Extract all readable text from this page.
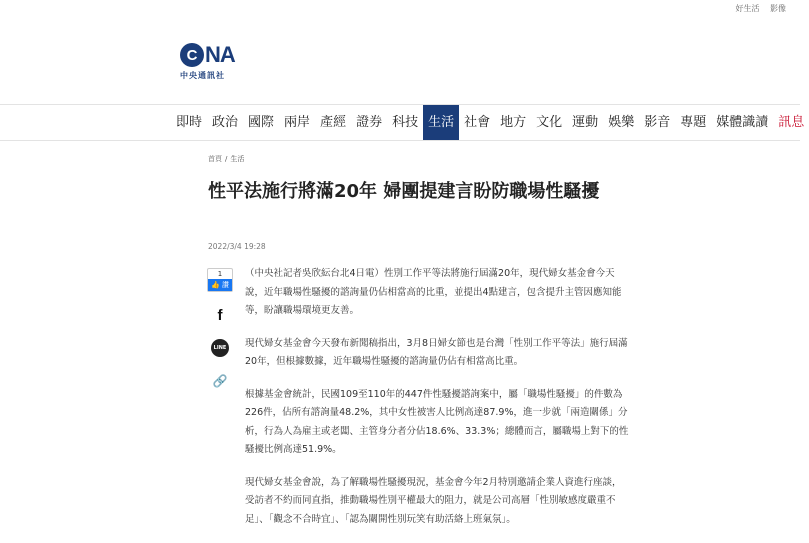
好生活 影像
C NA
中央通訊社
即時 政治 國際 兩岸 產經 證券 科技 生活 社會 地方 文化 運動 娛樂 影音 專題 媒體識讀 訊息
首頁 / 生活
性平法施行將滿20年 婦團提建言盼防職場性騷擾
2022/3/4 19:28
1
👍 讚
f
LINE
🔗

（中央社記者吳欣紜台北4日電）性別工作平等法將施行屆滿20年，現代婦女基金會今天說，近年職場性騷擾的諮詢量仍佔相當高的比重，並提出4點建言，包含提升主管因應知能等，盼讓職場環境更友善。

現代婦女基金會今天發布新聞稿指出，3月8日婦女節也是台灣「性別工作平等法」施行屆滿20年，但根據數據，近年職場性騷擾的諮詢量仍佔有相當高比重。

根據基金會統計，民國109至110年的447件性騷擾諮詢案中，屬「職場性騷擾」的件數為226件，佔所有諮詢量48.2%，其中女性被害人比例高達87.9%，進一步就「兩造關係」分析，行為人為雇主或老闆、主管身分者分佔18.6%、33.3%；總體而言，屬職場上對下的性騷擾比例高達51.9%。

現代婦女基金會說，為了解職場性騷擾現況，基金會今年2月特別邀請企業人資進行座談，受訪者不約而同直指，推動職場性別平權最大的阻力，就是公司高層「性別敏感度嚴重不足」、「觀念不合時宜」、「認為關開性別玩笑有助活絡上班氣氛」。
